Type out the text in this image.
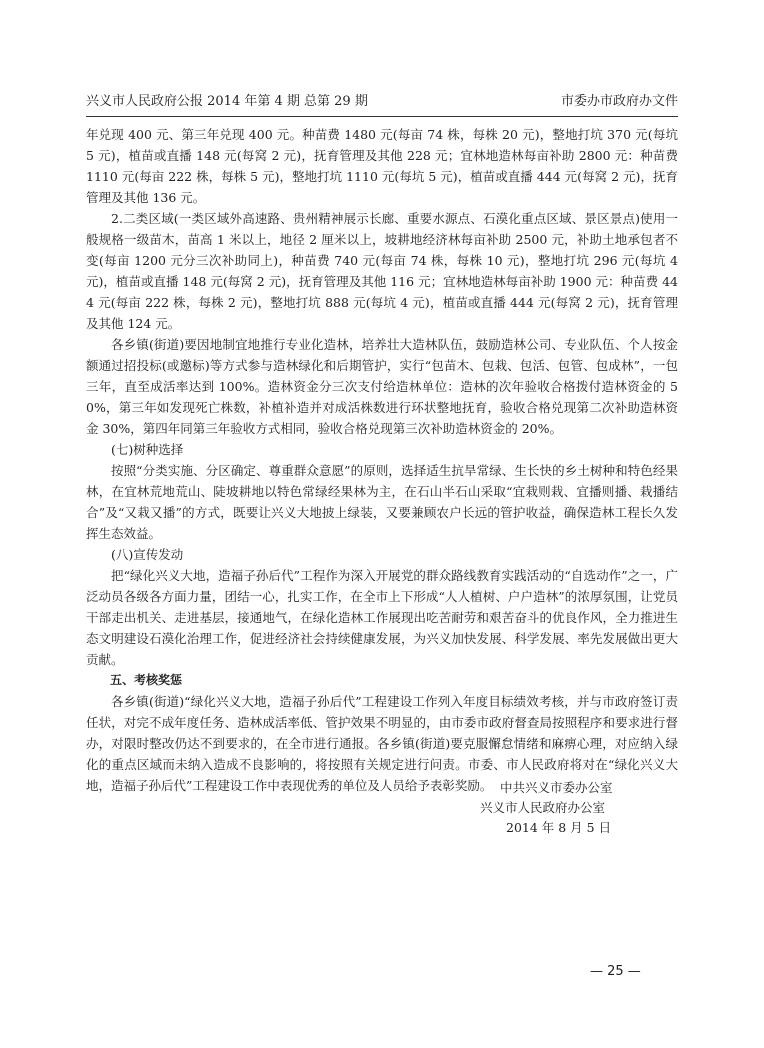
兴义市人民政府公报 2014 年第 4 期 总第 29 期	市委办市政府办文件

年兑现 400 元、第三年兑现 400 元。种苗费 1480 元(每亩 74 株，每株 20 元)，整地打坑 370 元(每坑 5 元)，植苗或直播 148 元(每窝 2 元)，抚育管理及其他 228 元；宜林地造林每亩补助 2800 元：种苗费 1110 元(每亩 222 株，每株 5 元)，整地打坑 1110 元(每坑 5 元)，植苗或直播 444 元(每窝 2 元)，抚育管理及其他 136 元。

2.二类区域(一类区域外高速路、贵州精神展示长廊、重要水源点、石漠化重点区域、景区景点)使用一般规格一级苗木，苗高 1 米以上，地径 2 厘米以上，坡耕地经济林每亩补助 2500 元，补助土地承包者不变(每亩 1200 元分三次补助同上)，种苗费 740 元(每亩 74 株，每株 10 元)，整地打坑 296 元(每坑 4 元)，植苗或直播 148 元(每窝 2 元)，抚育管理及其他 116 元；宜林地造林每亩补助 1900 元：种苗费 444 元(每亩 222 株，每株 2 元)，整地打坑 888 元(每坑 4 元)，植苗或直播 444 元(每窝 2 元)，抚育管理及其他 124 元。

各乡镇(街道)要因地制宜地推行专业化造林，培养壮大造林队伍，鼓励造林公司、专业队伍、个人按金额通过招投标(或邀标)等方式参与造林绿化和后期管护，实行“包苗木、包栽、包活、包管、包成林”，一包三年，直至成活率达到 100%。造林资金分三次支付给造林单位：造林的次年验收合格拨付造林资金的 50%，第三年如发现死亡株数，补植补造并对成活株数进行环状整地抚育，验收合格兑现第二次补助造林资金 30%，第四年同第三年验收方式相同，验收合格兑现第三次补助造林资金的 20%。

(七)树种选择

按照“分类实施、分区确定、尊重群众意愿”的原则，选择适生抗旱常绿、生长快的乡土树种和特色经果林，在宜林荒地荒山、陡坡耕地以特色常绿经果林为主，在石山半石山采取“宜栽则栽、宜播则播、栽播结合”及“又栽又播”的方式，既要让兴义大地披上绿装，又要兼顾农户长远的管护收益，确保造林工程长久发挥生态效益。

(八)宣传发动

把“绿化兴义大地，造福子孙后代”工程作为深入开展党的群众路线教育实践活动的“自选动作”之一，广泛动员各级各方面力量，团结一心，扎实工作，在全市上下形成“人人植树、户户造林”的浓厚氛围，让党员干部走出机关、走进基层，接通地气，在绿化造林工作展现出吃苦耐劳和艰苦奋斗的优良作风，全力推进生态文明建设石漠化治理工作，促进经济社会持续健康发展，为兴义加快发展、科学发展、率先发展做出更大贡献。

五、考核奖惩

各乡镇(街道)“绿化兴义大地，造福子孙后代”工程建设工作列入年度目标绩效考核，并与市政府签订责任状，对完不成年度任务、造林成活率低、管护效果不明显的，由市委市政府督查局按照程序和要求进行督办，对限时整改仍达不到要求的，在全市进行通报。各乡镇(街道)要克服懈怠情绪和麻痹心理，对应纳入绿化的重点区域而未纳入造成不良影响的，将按照有关规定进行问责。市委、市人民政府将对在“绿化兴义大地，造福子孙后代”工程建设工作中表现优秀的单位及人员给予表彰奖励。 中共兴义市委办公室
兴义市人民政府办公室
2014 年 8 月 5 日
— 25 —
